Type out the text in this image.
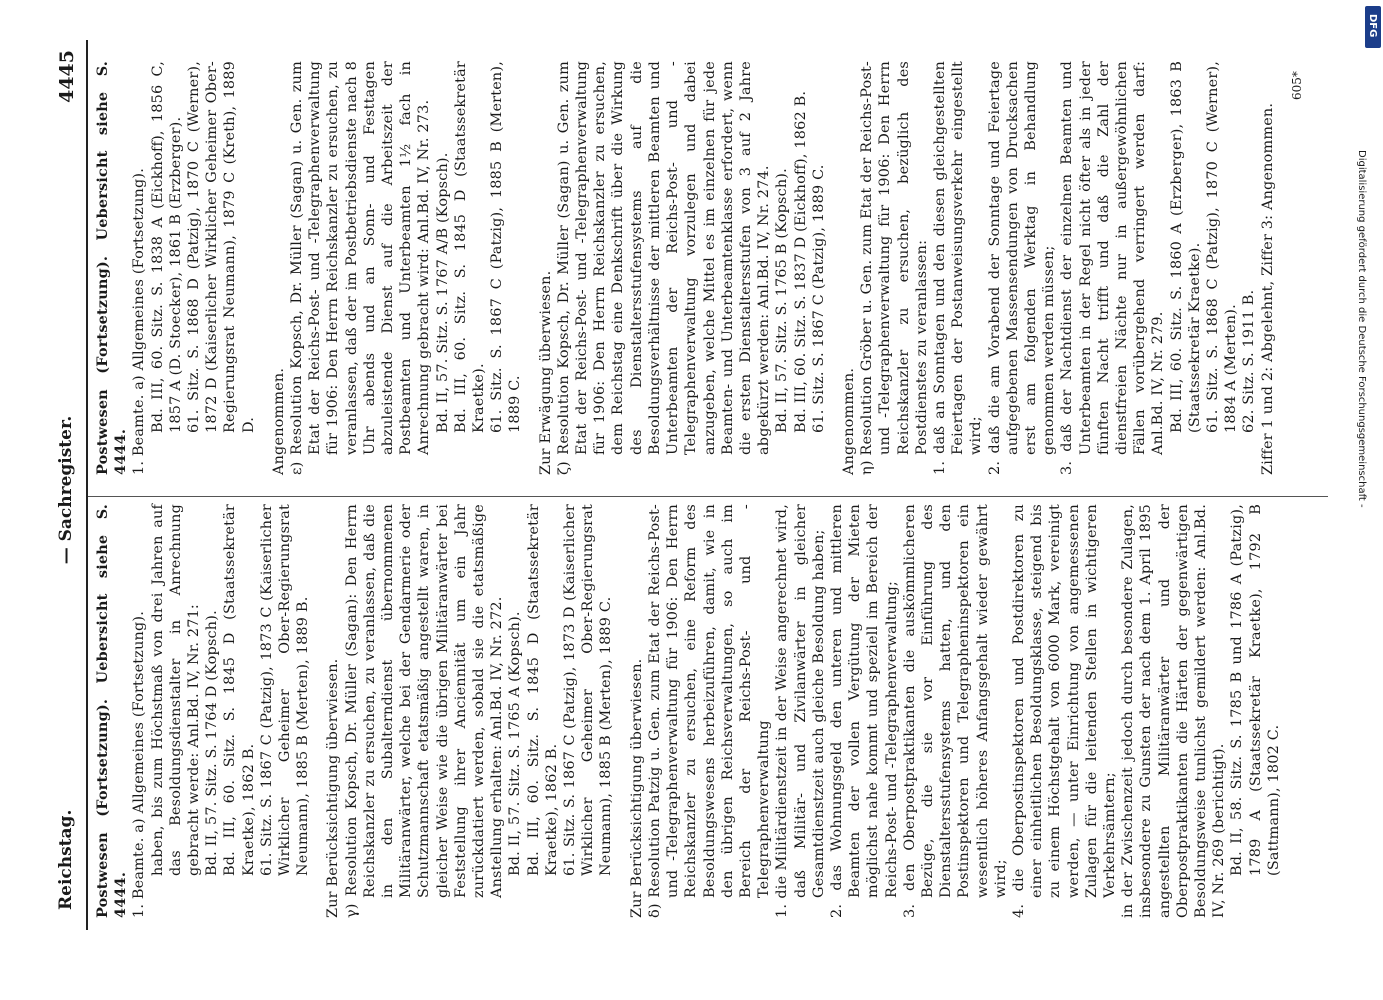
Reichstag.
— Sachregister.
4445

Postwesen (Fortsetzung). Uebersicht siehe S. 4444. 1. Beamte. a) Allgemeines (Fortsetzung). haben, bis zum Höchstmaß von drei Jahren auf das Besoldungsdienstalter in Anrechnung gebracht werde: Anl.Bd. IV, Nr. 271: Bd. II, 57. Sitz. S. 1764 D (Kopsch). Bd. III, 60. Sitz. S. 1845 D (Staatssekretär Kraetke), 1862 B. 61. Sitz. S. 1867 C (Patzig), 1873 C (Kaiserlicher Wirklicher Geheimer Ober-Regierungsrat Neumann), 1885 B (Merten), 1889 B. Zur Berücksichtigung überwiesen. γ) Resolution Kopsch, Dr. Müller (Sagan): Den Herrn Reichskanzler zu ersuchen, zu veranlassen, daß die in den Subalterndienst übernommenen Militäranwärter, welche bei der Gendarmerie oder Schutzmannschaft etatsmäßig angestellt waren, in gleicher Weise wie die übrigen Militäranwärter bei Feststellung ihrer Anciennität um ein Jahr zurückdatiert werden, sobald sie die etatsmäßige Anstellung erhalten: Anl.Bd. IV, Nr. 272. Bd. II, 57. Sitz. S. 1765 A (Kopsch). Bd. III, 60. Sitz. S. 1845 D (Staatssekretär Kraetke), 1862 B. 61. Sitz. S. 1867 C (Patzig), 1873 D (Kaiserlicher Wirklicher Geheimer Ober-Regierungsrat Neumann), 1885 B (Merten), 1889 C. Zur Berücksichtigung überwiesen. δ) Resolution Patzig u. Gen. zum Etat der Reichs-Post- und -Telegraphenverwaltung für 1906: Den Herrn Reichskanzler zu ersuchen, eine Reform des Besoldungswesens herbeizuführen, damit, wie in den übrigen Reichsverwaltungen, so auch im Bereich der Reichs-Post- und -Telegraphenverwaltung 1. die Militärdienstzeit in der Weise angerechnet wird, daß Militär- und Zivilanwärter in gleicher Gesamtdienstzeit auch gleiche Besoldung haben; 2. das Wohnungsgeld den unteren und mittleren Beamten der vollen Vergütung der Mieten möglichst nahe kommt und speziell im Bereich der Reichs-Post- und -Telegraphenverwaltung; 3. den Oberpostpraktikanten die auskömmlicheren Bezüge, die sie vor Einführung des Dienstaltersstufensystems hatten, und den Postinspektoren und Telegrapheninspektoren ein wesentlich höheres Anfangsgehalt wieder gewährt wird; 4. die Oberpostinspektoren und Postdirektoren zu einer einheitlichen Besoldungsklasse, steigend bis zu einem Höchstgehalt von 6000 Mark, vereinigt werden, — unter Einrichtung von angemessenen Zulagen für die leitenden Stellen in wichtigeren Verkehrsämtern; in der Zwischenzeit jedoch durch besondere Zulagen, insbesondere zu Gunsten der nach dem 1. April 1895 angestellten Militäranwärter und der Oberpostpraktikanten die Härten der gegenwärtigen Besoldungsweise tunlichst gemildert werden: Anl.Bd. IV, Nr. 269 (berichtigt). Bd. II, 58. Sitz. S. 1785 B und 1786 A (Patzig), 1789 A (Staatssekretär Kraetke), 1792 B (Sattmann), 1802 C.

Postwesen (Fortsetzung). Uebersicht siehe S. 4444. 1. Beamte. a) Allgemeines (Fortsetzung). Bd. III, 60. Sitz. S. 1838 A (Eickhoff), 1856 C, 1857 A (D. Stoecker), 1861 B (Erzberger). 61. Sitz. S. 1868 D (Patzig), 1870 C (Werner), 1872 D (Kaiserlicher Wirklicher Geheimer Ober-Regierungsrat Neumann), 1879 C (Kreth), 1889 D. Angenommen. ε) Resolution Kopsch, Dr. Müller (Sagan) u. Gen. zum Etat der Reichs-Post- und -Telegraphenverwaltung für 1906: Den Herrn Reichskanzler zu ersuchen, zu veranlassen, daß der im Postbetriebsdienste nach 8 Uhr abends und an Sonn- und Festtagen abzuleistende Dienst auf die Arbeitszeit der Postbeamten und Unterbeamten 1½ fach in Anrechnung gebracht wird: Anl.Bd. IV, Nr. 273. Bd. II, 57. Sitz. S. 1767 A/B (Kopsch). Bd. III, 60. Sitz. S. 1845 D (Staatssekretär Kraetke). 61. Sitz. S. 1867 C (Patzig), 1885 B (Merten), 1889 C. Zur Erwägung überwiesen. ζ) Resolution Kopsch, Dr. Müller (Sagan) u. Gen. zum Etat der Reichs-Post- und -Telegraphenverwaltung für 1906: Den Herrn Reichskanzler zu ersuchen, dem Reichstag eine Denkschrift über die Wirkung des Dienstaltersstufensystems auf die Besoldungsverhältnisse der mittleren Beamten und Unterbeamten der Reichs-Post- und -Telegraphenverwaltung vorzulegen und dabei anzugeben, welche Mittel es im einzelnen für jede Beamten- und Unterbeamtenklasse erfordert, wenn die ersten Dienstaltersstufen von 3 auf 2 Jahre abgekürzt werden: Anl.Bd. IV, Nr. 274. Bd. II, 57. Sitz. S. 1765 B (Kopsch). Bd. III, 60. Sitz. S. 1837 D (Eickhoff), 1862 B. 61. Sitz. S. 1867 C (Patzig), 1889 C. Angenommen. η) Resolution Gröber u. Gen. zum Etat der Reichs-Post- und -Telegraphenverwaltung für 1906: Den Herrn Reichskanzler zu ersuchen, bezüglich des Postdienstes zu veranlassen: 1. daß an Sonntagen und den diesen gleichgestellten Feiertagen der Postanweisungsverkehr eingestellt wird; 2. daß die am Vorabend der Sonntage und Feiertage aufgegebenen Massensendungen von Drucksachen erst am folgenden Werktag in Behandlung genommen werden müssen; 3. daß der Nachtdienst der einzelnen Beamten und Unterbeamten in der Regel nicht öfter als in jeder fünften Nacht trifft und daß die Zahl der dienstfreien Nächte nur in außergewöhnlichen Fällen vorübergehend verringert werden darf: Anl.Bd. IV, Nr. 279. Bd. III, 60. Sitz. S. 1860 A (Erzberger), 1863 B (Staatssekretär Kraetke). 61. Sitz. S. 1868 C (Patzig), 1870 C (Werner), 1884 A (Merten). 62. Sitz. S. 1911 B. Ziffer 1 und 2: Abgelehnt, Ziffer 3: Angenommen.

605*
Digitalisierung gefördert durch die Deutsche Forschungsgemeinschaft -
DFG
